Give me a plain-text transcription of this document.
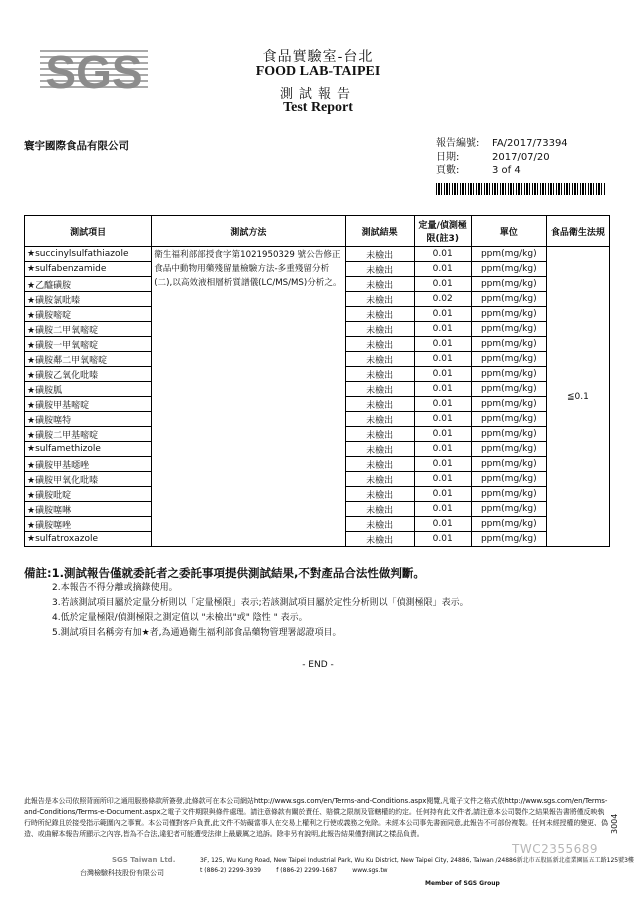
SGS	食品實驗室-台北
FOOD LAB-TAIPEI
測試報告
Test Report
寰宇國際食品有限公司	報告編號: FA/2017/73394
日期:	2017/07/20
頁數:	3 of 4
測試項目	測試方法	測試結果	定量/偵測極限(註3)	單位	食品衛生法規
★succinylsulfathiazole	衛生福利部部授食字第1021950329 號公告修正食品中動物用藥殘留量檢驗方法-多重殘留分析(二),以高效液相層析質譜儀(LC/MS/MS)分析之。	未檢出	0.01	ppm(mg/kg)	≦0.1
★sulfabenzamide		未檢出	0.01	ppm(mg/kg)	
★乙醯磺胺		未檢出	0.01	ppm(mg/kg)	
★磺胺氯吡嗪		未檢出	0.02	ppm(mg/kg)	
★磺胺嘧啶		未檢出	0.01	ppm(mg/kg)	
★磺胺二甲氧嘧啶		未檢出	0.01	ppm(mg/kg)	
★磺胺一甲氧嘧啶		未檢出	0.01	ppm(mg/kg)	
★磺胺鄰二甲氧嘧啶		未檢出	0.01	ppm(mg/kg)	
★磺胺乙氧化吡嗪		未檢出	0.01	ppm(mg/kg)	
★磺胺胍		未檢出	0.01	ppm(mg/kg)	
★磺胺甲基嘧啶		未檢出	0.01	ppm(mg/kg)	
★磺胺噻特		未檢出	0.01	ppm(mg/kg)	
★磺胺二甲基嘧啶		未檢出	0.01	ppm(mg/kg)	
★sulfamethizole		未檢出	0.01	ppm(mg/kg)	
★磺胺甲基噁唑		未檢出	0.01	ppm(mg/kg)	
★磺胺甲氧化吡嗪		未檢出	0.01	ppm(mg/kg)	
★磺胺吡啶		未檢出	0.01	ppm(mg/kg)	
★磺胺噻啉		未檢出	0.01	ppm(mg/kg)	
★磺胺噻唑		未檢出	0.01	ppm(mg/kg)	
★sulfatroxazole		未檢出	0.01	ppm(mg/kg)	
備註:1.測試報告僅就委託者之委託事項提供測試結果,不對產品合法性做判斷。
2.本報告不得分離或摘錄使用。
3.若該測試項目屬於定量分析則以「定量極限」表示;若該測試項目屬於定性分析則以「偵測極限」表示。
4.低於定量極限/偵測極限之測定值以 "未檢出"或" 陰性 " 表示。
5.測試項目名稱旁有加★者,為通過衛生福利部食品藥物管理署認證項目。
- END -
此報告是本公司依照背面所印之通用服務條款所簽發,此條款可在本公司網站http://www.sgs.com/en/Terms-and-Conditions.aspx閱覽,凡電子文件之格式依http://www.sgs.com/en/Terms-and-Conditions/Terms-e-Document.aspx之電子文件期限與條件處理。請注意條款有關於責任、賠償之限制及管轄權的約定。任何持有此文件者,請注意本公司製作之結果報告書將僅反映執行時所紀錄且於接受指示範圍內之事實。本公司僅對客戶負責,此文件不妨礙當事人在交易上權利之行使或義務之免除。未經本公司事先書面同意,此報告不可部份複製。任何未經授權的變更、偽造、或曲解本報告所顯示之內容,皆為不合法,違犯者可能遭受法律上最嚴厲之追訴。除非另有說明,此報告結果僅對測試之樣品負責。
SGS Taiwan Ltd.
台灣檢驗科技股份有限公司
3F, 125, Wu Kung Road, New Taipei Industrial Park, Wu Ku District, New Taipei City, 24886, Taiwan /24886新北市五股區新北產業園區五工路125號3樓
t (886-2) 2299-3939	f (886-2) 2299-1687	www.sgs.tw
Member of SGS Group
TWC2355689
3004
